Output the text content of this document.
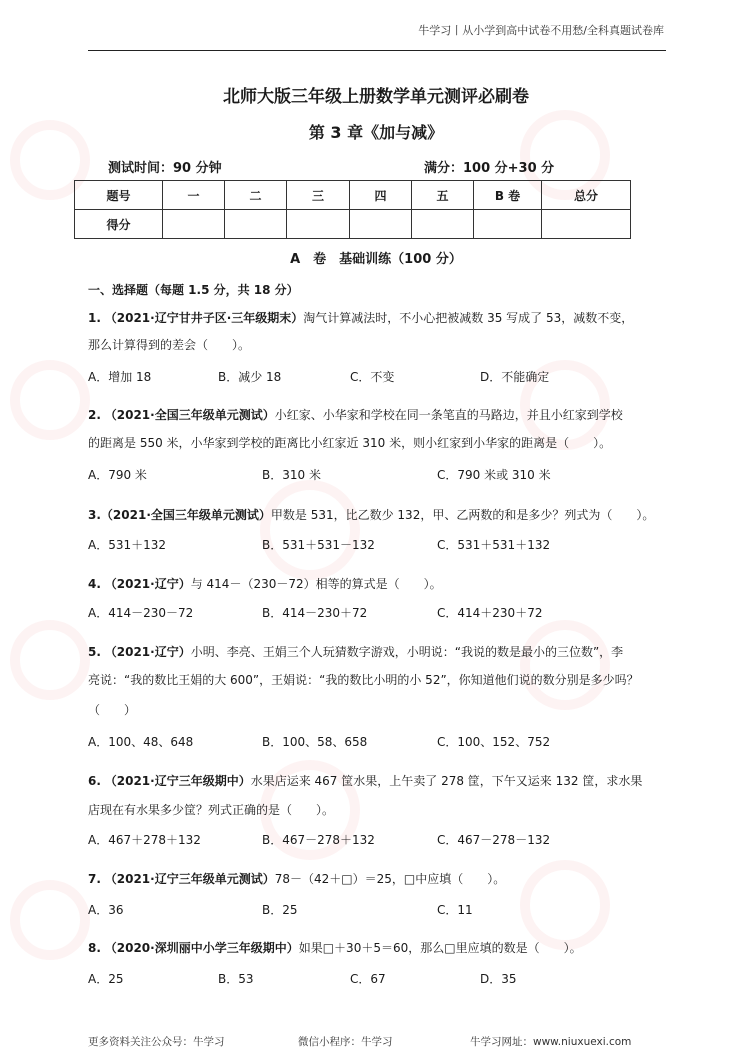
牛学习丨从小学到高中试卷不用愁/全科真题试卷库
北师大版三年级上册数学单元测评必刷卷
第 3 章《加与减》
测试时间：90 分钟	满分：100 分+30 分
题号	一	二	三	四	五	B 卷	总分
得分							
A　卷　基础训练（100 分）
一、选择题（每题 1.5 分，共 18 分）
1. （2021·辽宁甘井子区·三年级期末）淘气计算减法时，不小心把被减数 35 写成了 53，减数不变，
那么计算得到的差会（　　）。
A．增加 18	B．减少 18	C．不变	D．不能确定
2. （2021·全国三年级单元测试）小红家、小华家和学校在同一条笔直的马路边，并且小红家到学校
的距离是 550 米，小华家到学校的距离比小红家近 310 米，则小红家到小华家的距离是（　　）。
A．790 米	B．310 米	C．790 米或 310 米
3.（2021·全国三年级单元测试）甲数是 531，比乙数少 132，甲、乙两数的和是多少？列式为（　　）。
A．531＋132	B．531＋531－132	C．531＋531＋132
4. （2021·辽宁）与 414－（230－72）相等的算式是（　　）。
A．414－230－72	B．414－230＋72	C．414＋230＋72
5. （2021·辽宁）小明、李亮、王娟三个人玩猜数字游戏，小明说：“我说的数是最小的三位数”，李
亮说：“我的数比王娟的大 600”，王娟说：“我的数比小明的小 52”，你知道他们说的数分别是多少吗？
（　　）
A．100、48、648	B．100、58、658	C．100、152、752
6. （2021·辽宁三年级期中）水果店运来 467 筐水果，上午卖了 278 筐，下午又运来 132 筐，求水果
店现在有水果多少筐？列式正确的是（　　）。
A．467＋278＋132	B．467－278＋132	C．467－278－132
7. （2021·辽宁三年级单元测试）78－（42＋□）＝25，□中应填（　　）。
A．36	B．25	C．11
8. （2020·深圳丽中小学三年级期中）如果□＋30＋5＝60，那么□里应填的数是（　　）。
A．25	B．53	C．67	D．35
更多资料关注公众号：牛学习	微信小程序：牛学习	牛学习网址：www.niuxuexi.com
